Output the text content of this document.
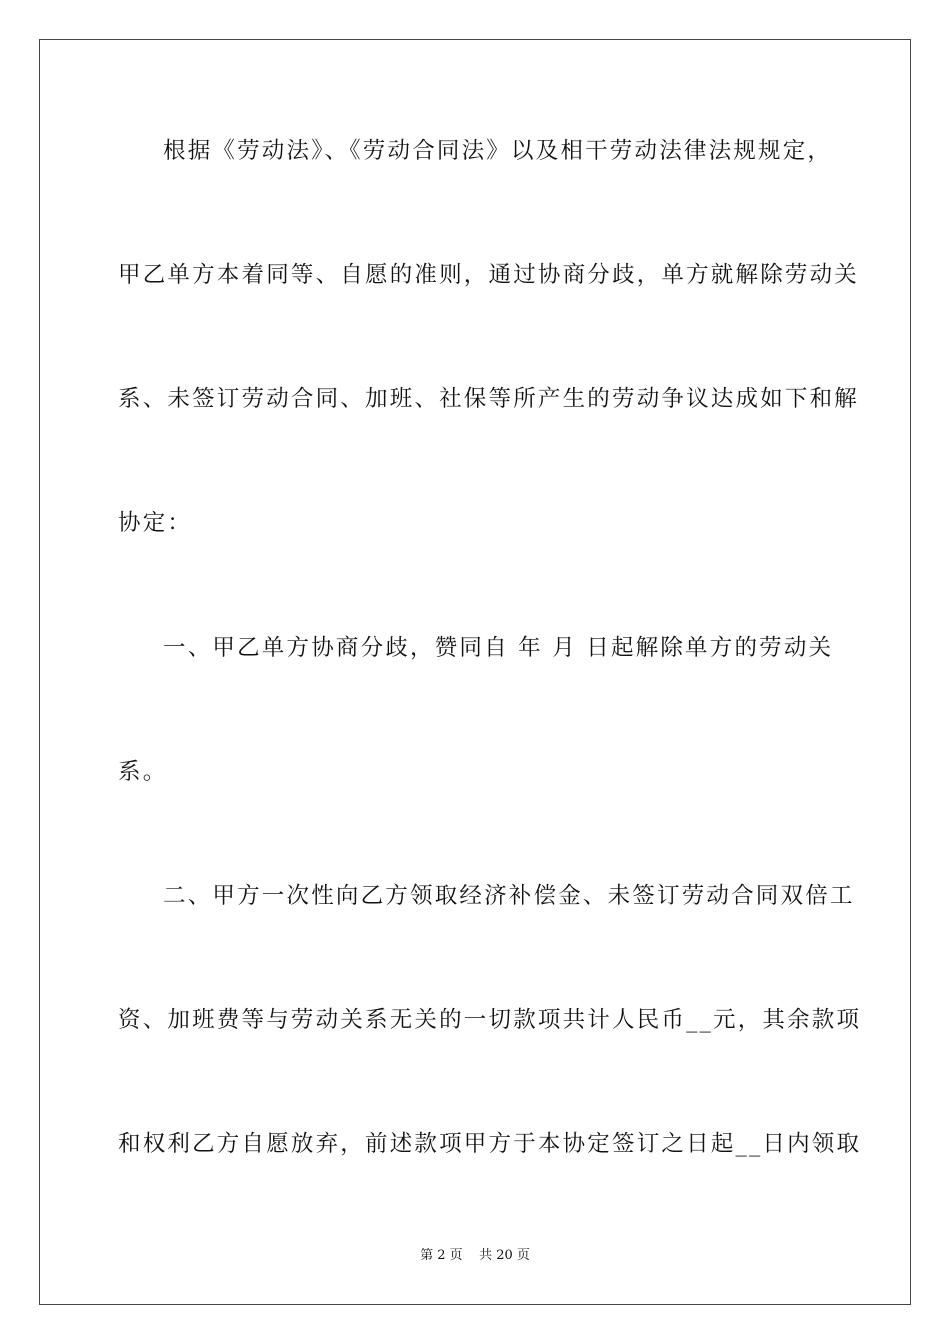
根据《劳动法》、《劳动合同法》以及相干劳动法律法规规定，
甲乙单方本着同等、自愿的准则，通过协商分歧，单方就解除劳动关
系、未签订劳动合同、加班、社保等所产生的劳动争议达成如下和解
协定：
一、甲乙单方协商分歧，赞同自 年 月 日起解除单方的劳动关
系。
二、甲方一次性向乙方领取经济补偿金、未签订劳动合同双倍工
资、加班费等与劳动关系无关的一切款项共计人民币__元，其余款项
和权利乙方自愿放弃，前述款项甲方于本协定签订之日起__日内领取
第 2 页    共 20 页
